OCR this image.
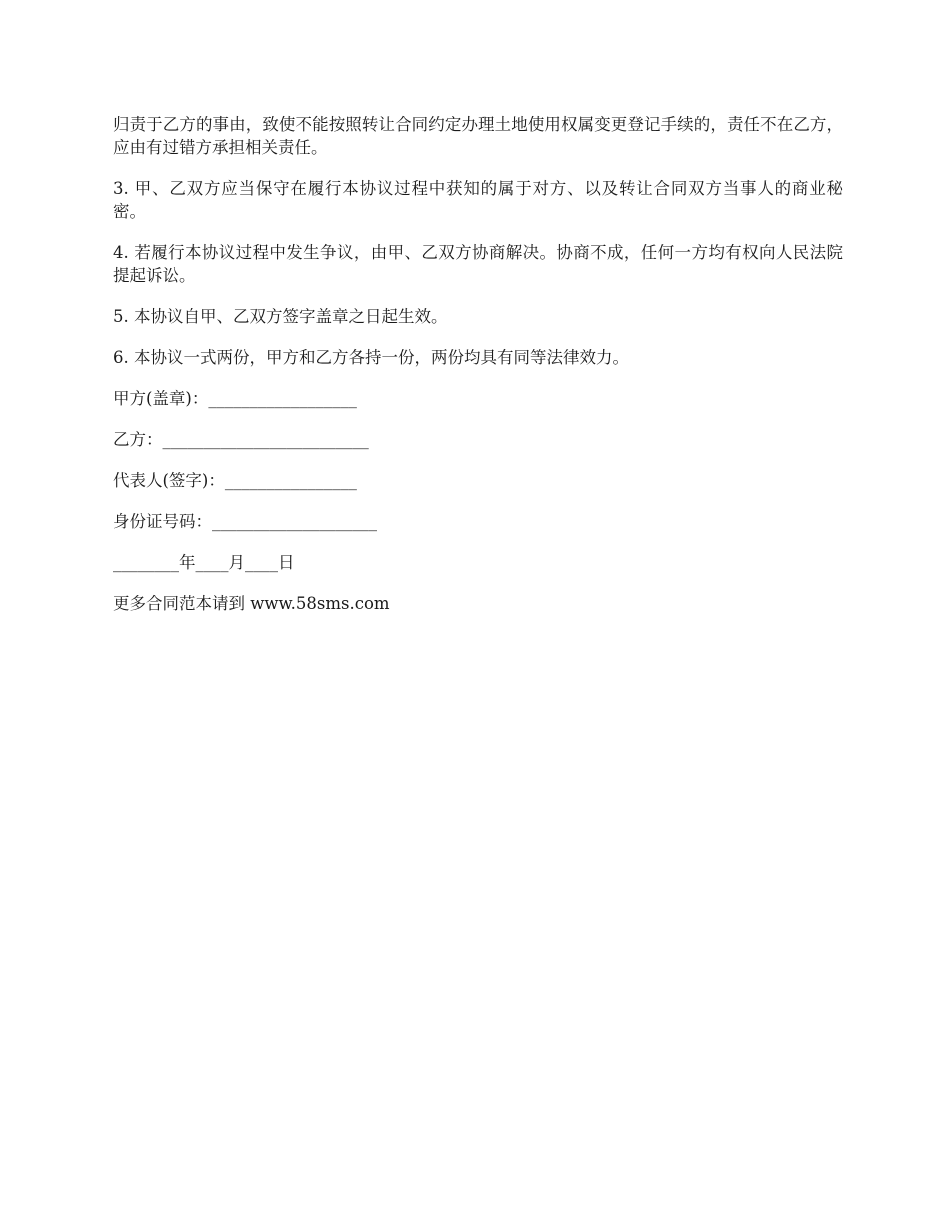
归责于乙方的事由，致使不能按照转让合同约定办理土地使用权属变更登记手续的，责任不在乙方，应由有过错方承担相关责任。

3. 甲、乙双方应当保守在履行本协议过程中获知的属于对方、以及转让合同双方当事人的商业秘密。

4. 若履行本协议过程中发生争议，由甲、乙双方协商解决。协商不成，任何一方均有权向人民法院提起诉讼。

5. 本协议自甲、乙双方签字盖章之日起生效。

6. 本协议一式两份，甲方和乙方各持一份，两份均具有同等法律效力。

甲方(盖章)：__________________

乙方：_________________________

代表人(签字)：________________

身份证号码：____________________

________年____月____日

更多合同范本请到 www.58sms.com
